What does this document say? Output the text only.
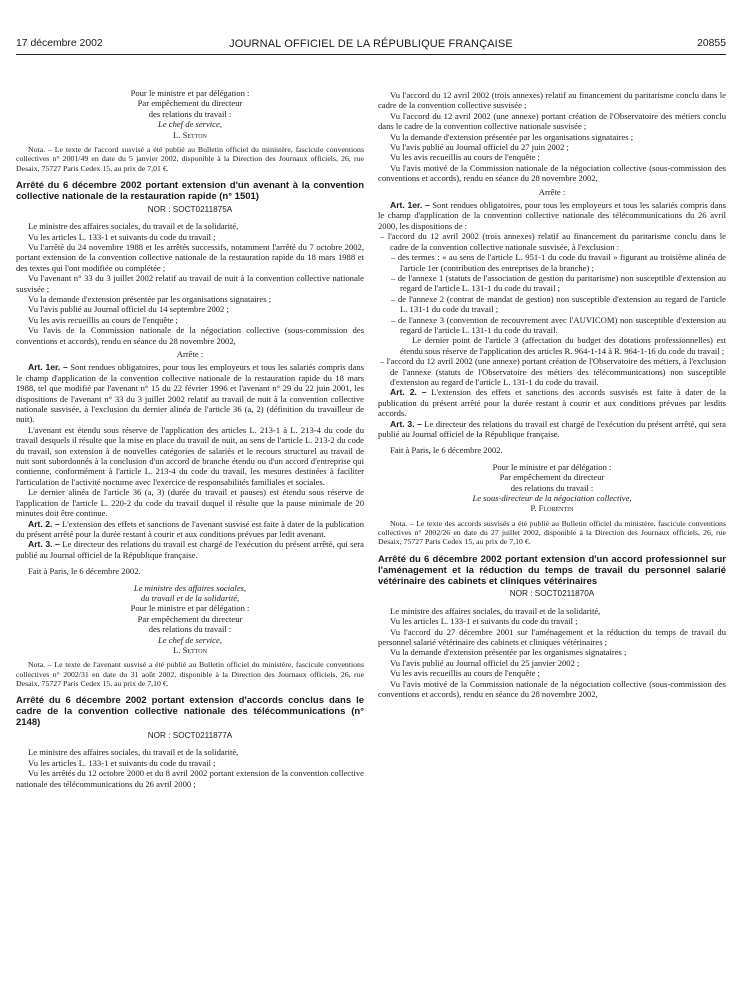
17 décembre 2002	JOURNAL OFFICIEL DE LA RÉPUBLIQUE FRANÇAISE	20855

Pour le ministre et par délégation :

Par empêchement du directeur

des relations du travail :

Le chef de service,

L. Setton

Nota. – Le texte de l'accord susvisé a été publié au Bulletin officiel du ministère, fascicule conventions collectives n° 2001/49 en date du 5 janvier 2002, disponible à la Direction des Journaux officiels, 26, rue Desaix, 75727 Paris Cedex 15, au prix de 7,01 €.

Arrêté du 6 décembre 2002 portant extension d'un avenant à la convention collective nationale de la restauration rapide (n° 1501)

NOR : SOCT0211875A

Le ministre des affaires sociales, du travail et de la solidarité,

Vu les articles L. 133-1 et suivants du code du travail ;

Vu l'arrêté du 24 novembre 1988 et les arrêtés successifs, notamment l'arrêté du 7 octobre 2002, portant extension de la convention collective nationale de la restauration rapide du 18 mars 1988 et des textes qui l'ont modifiée ou complétée ;

Vu l'avenant n° 33 du 3 juillet 2002 relatif au travail de nuit à la convention collective nationale susvisée ;

Vu la demande d'extension présentée par les organisations signataires ;

Vu l'avis publié au Journal officiel du 14 septembre 2002 ;

Vu les avis recueillis au cours de l'enquête ;

Vu l'avis de la Commission nationale de la négociation collective (sous-commission des conventions et accords), rendu en séance du 28 novembre 2002,

Arrête :

Art. 1er. – Sont rendues obligatoires, pour tous les employeurs et tous les salariés compris dans le champ d'application de la convention collective nationale de la restauration rapide du 18 mars 1988, tel que modifié par l'avenant n° 15 du 22 février 1996 et l'avenant n° 29 du 22 juin 2001, les dispositions de l'avenant n° 33 du 3 juillet 2002 relatif au travail de nuit à la convention collective nationale susvisée, à l'exclusion du dernier alinéa de l'article 36 (a, 2) (définition du travailleur de nuit).

L'avenant est étendu sous réserve de l'application des articles L. 213-1 à L. 213-4 du code du travail desquels il résulte que la mise en place du travail de nuit, au sens de l'article L. 213-2 du code du travail, son extension à de nouvelles catégories de salariés et le recours structurel au travail de nuit sont subordonnés à la conclusion d'un accord de branche étendu ou d'un accord d'entreprise qui contienne, conformément à l'article L. 213-4 du code du travail, les mesures destinées à faciliter l'articulation de l'activité nocturne avec l'exercice de responsabilités familiales et sociales.

Le dernier alinéa de l'article 36 (a, 3) (durée du travail et pauses) est étendu sous réserve de l'application de l'article L. 220-2 du code du travail duquel il résulte que la pause minimale de 20 minutes doit être continue.

Art. 2. – L'extension des effets et sanctions de l'avenant susvisé est faite à dater de la publication du présent arrêté pour la durée restant à courir et aux conditions prévues par ledit avenant.

Art. 3. – Le directeur des relations du travail est chargé de l'exécution du présent arrêté, qui sera publié au Journal officiel de la République française.

Fait à Paris, le 6 décembre 2002.

Le ministre des affaires sociales,

du travail et de la solidarité,

Pour le ministre et par délégation :

Par empêchement du directeur

des relations du travail :

Le chef de service,

L. Setton

Nota. – Le texte de l'avenant susvisé a été publié au Bulletin officiel du ministère, fascicule conventions collectives n° 2002/31 en date du 31 août 2002, disponible à la Direction des Journaux officiels, 26, rue Desaix, 75727 Paris Cedex 15, au prix de 7,10 €.

Arrêté du 6 décembre 2002 portant extension d'accords conclus dans le cadre de la convention collective nationale des télécommunications (n° 2148)

NOR : SOCT0211877A

Le ministre des affaires sociales, du travail et de la solidarité,

Vu les articles L. 133-1 et suivants du code du travail ;

Vu les arrêtés du 12 octobre 2000 et du 8 avril 2002 portant extension de la convention collective nationale des télécommunications du 26 avril 2000 ;

Vu l'accord du 12 avril 2002 (trois annexes) relatif au financement du paritarisme conclu dans le cadre de la convention collective susvisée ;

Vu l'accord du 12 avril 2002 (une annexe) portant création de l'Observatoire des métiers conclu dans le cadre de la convention collective nationale susvisée ;

Vu la demande d'extension présentée par les organisations signataires ;

Vu l'avis publié au Journal officiel du 27 juin 2002 ;

Vu les avis recueillis au cours de l'enquête ;

Vu l'avis motivé de la Commission nationale de la négociation collective (sous-commission des conventions et accords), rendu en séance du 28 novembre 2002,

Arrête :

Art. 1er. – Sont rendues obligatoires, pour tous les employeurs et tous les salariés compris dans le champ d'application de la convention collective nationale des télécommunications du 26 avril 2000, les dispositions de :

– l'accord du 12 avril 2002 (trois annexes) relatif au financement du paritarisme conclu dans le cadre de la convention collective nationale susvisée, à l'exclusion :

– des termes : « au sens de l'article L. 951-1 du code du travail » figurant au troisième alinéa de l'article 1er (contribution des entreprises de la branche) ;

– de l'annexe 1 (statuts de l'association de gestion du paritarisme) non susceptible d'extension au regard de l'article L. 131-1 du code du travail ;

– de l'annexe 2 (contrat de mandat de gestion) non susceptible d'extension au regard de l'article L. 131-1 du code du travail ;

– de l'annexe 3 (convention de recouvrement avec l'AUVICOM) non susceptible d'extension au regard de l'article L. 131-1 du code du travail.

Le dernier point de l'article 3 (affectation du budget des dotations professionnelles) est étendu sous réserve de l'application des articles R. 964-1-14 à R. 964-1-16 du code du travail ;

– l'accord du 12 avril 2002 (une annexe) portant création de l'Observatoire des métiers, à l'exclusion de l'annexe (statuts de l'Observatoire des métiers des télécommunications) non susceptible d'extension au regard de l'article L. 131-1 du code du travail.

Art. 2. – L'extension des effets et sanctions des accords susvisés est faite à dater de la publication du présent arrêté pour la durée restant à courir et aux conditions prévues par lesdits accords.

Art. 3. – Le directeur des relations du travail est chargé de l'exécution du présent arrêté, qui sera publié au Journal officiel de la République française.

Fait à Paris, le 6 décembre 2002.

Pour le ministre et par délégation :

Par empêchement du directeur

des relations du travail :

Le sous-directeur de la négociation collective,

P. Florentin

Nota. – Le texte des accords susvisés a été publié au Bulletin officiel du ministère, fascicule conventions collectives n° 2002/26 en date du 27 juillet 2002, disponible à la Direction des Journaux officiels, 26, rue Desaix, 75727 Paris Cedex 15, au prix de 7,10 €.

Arrêté du 6 décembre 2002 portant extension d'un accord professionnel sur l'aménagement et la réduction du temps de travail du personnel salarié vétérinaire des cabinets et cliniques vétérinaires

NOR : SOCT0211870A

Le ministre des affaires sociales, du travail et de la solidarité,

Vu les articles L. 133-1 et suivants du code du travail ;

Vu l'accord du 27 décembre 2001 sur l'aménagement et la réduction du temps de travail du personnel salarié vétérinaire des cabinets et cliniques vétérinaires ;

Vu la demande d'extension présentée par les organismes signataires ;

Vu l'avis publié au Journal officiel du 25 janvier 2002 ;

Vu les avis recueillis au cours de l'enquête ;

Vu l'avis motivé de la Commission nationale de la négociation collective (sous-commission des conventions et accords), rendu en séance du 28 novembre 2002,
